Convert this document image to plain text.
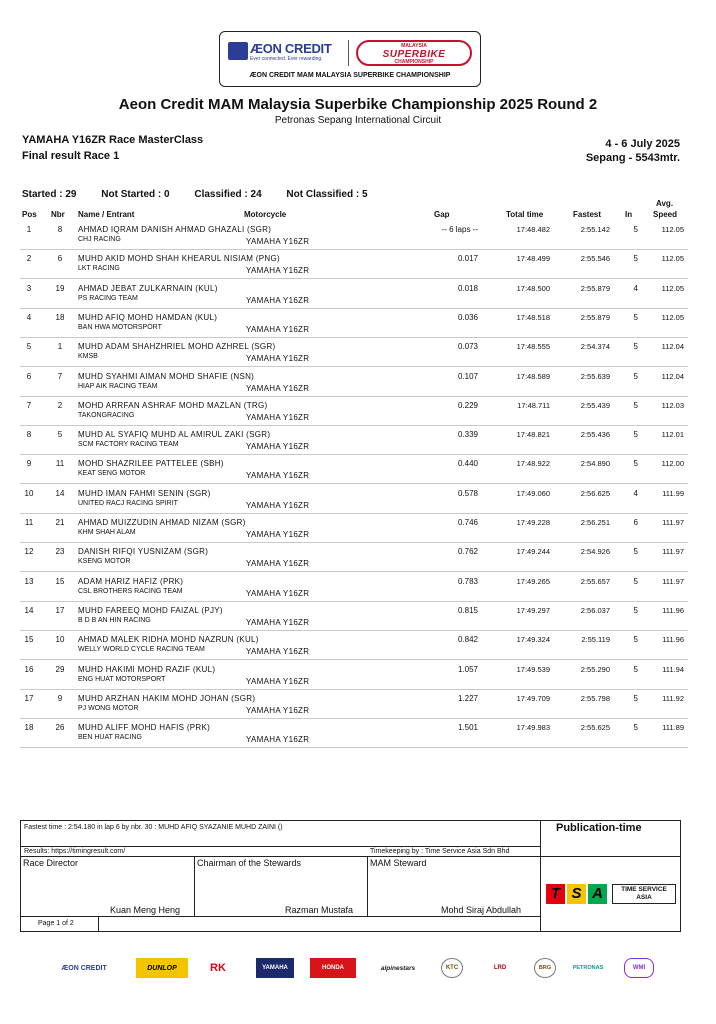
ÆON CREDIT
Ever connected. Ever rewarding.
MALAYSIA
SUPERBIKE
CHAMPIONSHIP
ÆON CREDIT MAM MALAYSIA SUPERBIKE CHAMPIONSHIP
Aeon Credit MAM Malaysia Superbike Championship 2025 Round 2
Petronas Sepang International Circuit
YAMAHA Y16ZR Race MasterClass
Final result Race 1
4 - 6 July 2025
Sepang - 5543mtr.
Started : 29 Not Started : 0 Classified : 24 Not Classified : 5
Pos Nbr Name / Entrant	Motorcycle	Gap	Total time	Fastest	In
Avg.
Speed
1	8	AHMAD IQRAM DANISH AHMAD GHAZALI (SGR)
CHJ RACING	YAMAHA Y16ZR
-- 6 laps --	17:48.482	2:55.142	5	112.05
2	6	MUHD AKID MOHD SHAH KHEARUL NISIAM (PNG)
LKT RACING	YAMAHA Y16ZR
0.017	17:48.499	2:55.546	5	112.05
3	19	AHMAD JEBAT ZULKARNAIN (KUL)
PS RACING TEAM	YAMAHA Y16ZR
0.018	17:48.500	2:55.879	4	112.05
4	18	MUHD AFIQ MOHD HAMDAN (KUL)
BAN HWA MOTORSPORT	YAMAHA Y16ZR
0.036	17:48.518	2:55.879	5	112.05
5	1	MUHD ADAM SHAHZHRIEL MOHD AZHREL (SGR)
KMSB	YAMAHA Y16ZR
0.073	17:48.555	2:54.374	5	112.04
6	7	MUHD SYAHMI AIMAN MOHD SHAFIE (NSN)
HIAP AIK RACING TEAM	YAMAHA Y16ZR
0.107	17:48.589	2:55.639	5	112.04
7	2	MOHD ARRFAN ASHRAF MOHD MAZLAN (TRG)
TAKONGRACING	YAMAHA Y16ZR
0.229	17:48.711	2:55.439	5	112.03
8	5	MUHD AL SYAFIQ MUHD AL AMIRUL ZAKI (SGR)
SCM FACTORY RACING TEAM	YAMAHA Y16ZR
0.339	17:48.821	2:55.436	5	112.01
9	11	MOHD SHAZRILEE PATTELEE (SBH)
KEAT SENG MOTOR	YAMAHA Y16ZR
0.440	17:48.922	2:54.890	5	112.00
10	14	MUHD IMAN FAHMI SENIN (SGR)
UNITED RACJ RACING SPIRIT	YAMAHA Y16ZR
0.578	17:49.060	2:56.625	4	111.99
11	21	AHMAD MUIZZUDIN AHMAD NIZAM (SGR)
KHM SHAH ALAM	YAMAHA Y16ZR
0.746	17:49.228	2:56.251	6	111.97
12	23	DANISH RIFQI YUSNIZAM (SGR)
KSENG MOTOR	YAMAHA Y16ZR
0.762	17:49.244	2:54.926	5	111.97
13	15	ADAM HARIZ HAFIZ (PRK)
CSL BROTHERS RACING TEAM	YAMAHA Y16ZR
0.783	17:49.265	2:55.657	5	111.97
14	17	MUHD FAREEQ MOHD FAIZAL (PJY)
B D B AN HIN RACING	YAMAHA Y16ZR
0.815	17:49.297	2:56.037	5	111.96
15	10	AHMAD MALEK RIDHA MOHD NAZRUN (KUL)
WELLY WORLD CYCLE RACING TEAM	YAMAHA Y16ZR
0.842	17:49.324	2:55.119	5	111.96
16	29	MUHD HAKIMI MOHD RAZIF (KUL)
ENG HUAT MOTORSPORT	YAMAHA Y16ZR
1.057	17:49.539	2:55.290	5	111.94
17	9	MUHD ARZHAN HAKIM MOHD JOHAN (SGR)
PJ WONG MOTOR	YAMAHA Y16ZR
1.227	17:49.709	2:55.798	5	111.92
18	26	MUHD ALIFF MOHD HAFIS (PRK)
BEN HUAT RACING	YAMAHA Y16ZR
1.501	17:49.983	2:55.625	5	111.89
Fastest time : 2:54.180 in lap 6 by nbr. 30 : MUHD AFIQ SYAZANIE MUHD ZAINI ()
Results: https://timingresult.com/	Timekeeping by : Time Service Asia Sdn Bhd
Publication-time
Race Director	Chairman of the Stewards	MAM Steward
Kuan Meng Heng	Razman Mustafa	Mohd Siraj Abdullah
Page 1 of 2
T S A	TIME SERVICE
ASIA
ÆON CREDIT	DUNLOP	RK	YAMAHA	HONDA	alpinestars	KTC	LRD	BRG	PETRONAS	WMI
